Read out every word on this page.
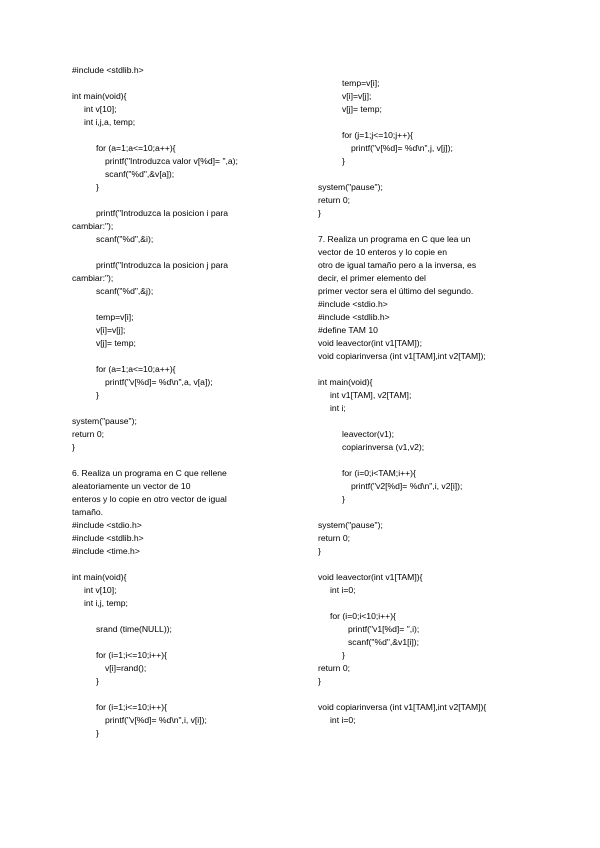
#include <stdlib.h>
int main(void){
int v[10];
int i,j,a, temp;
for (a=1;a<=10;a++){
printf("Introduzca valor v[%d]= ",a);
scanf("%d",&v[a]);
}
printf("Introduzca la posicion i para
cambiar:");
scanf("%d",&i);
printf("Introduzca la posicion j para
cambiar:");
scanf("%d",&j);
temp=v[i];
v[i]=v[j];
v[j]= temp;
for (a=1;a<=10;a++){
printf("v[%d]= %d\n",a, v[a]);
}
system("pause");
return 0;
}
6. Realiza un programa en C que rellene
aleatoriamente un vector de 10
enteros y lo copie en otro vector de igual
tamaño.
#include <stdio.h>
#include <stdlib.h>
#include <time.h>
int main(void){
int v[10];
int i,j, temp;
srand (time(NULL));
for (i=1;i<=10;i++){
v[i]=rand();
}
for (i=1;i<=10;i++){
printf("v[%d]= %d\n",i, v[i]);
}
temp=v[i];
v[i]=v[j];
v[j]= temp;
for (j=1;j<=10;j++){
printf("v[%d]= %d\n",j, v[j]);
}
system("pause");
return 0;
}
7. Realiza un programa en C que lea un
vector de 10 enteros y lo copie en
otro de igual tamaño pero a la inversa, es
decir, el primer elemento del
primer vector sera el último del segundo.
#include <stdio.h>
#include <stdlib.h>
#define TAM 10
void leavector(int v1[TAM]);
void copiarinversa (int v1[TAM],int v2[TAM]);
int main(void){
int v1[TAM], v2[TAM];
int i;
leavector(v1);
copiarinversa (v1,v2);
for (i=0;i<TAM;i++){
printf("v2[%d]= %d\n",i, v2[i]);
}
system("pause");
return 0;
}
void leavector(int v1[TAM]){
int i=0;
for (i=0;i<10;i++){
printf("v1[%d]= ",i);
scanf("%d",&v1[i]);
}
return 0;
}
void copiarinversa (int v1[TAM],int v2[TAM]){
int i=0;
